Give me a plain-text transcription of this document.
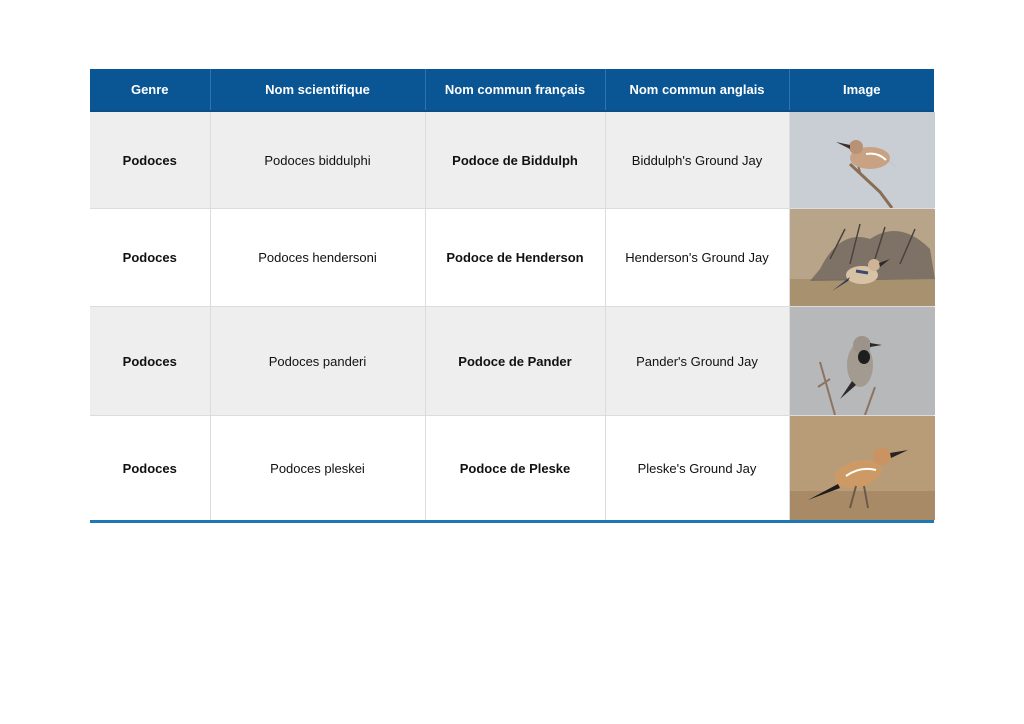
Genre	Nom scientifique	Nom commun français	Nom commun anglais	Image
Podoces	Podoces biddulphi	Podoce de Biddulph	Biddulph's Ground Jay	

Podoces	Podoces hendersoni	Podoce de Henderson	Henderson's Ground Jay	

Podoces	Podoces panderi	Podoce de Pander	Pander's Ground Jay	

Podoces	Podoces pleskei	Podoce de Pleske	Pleske's Ground Jay	
